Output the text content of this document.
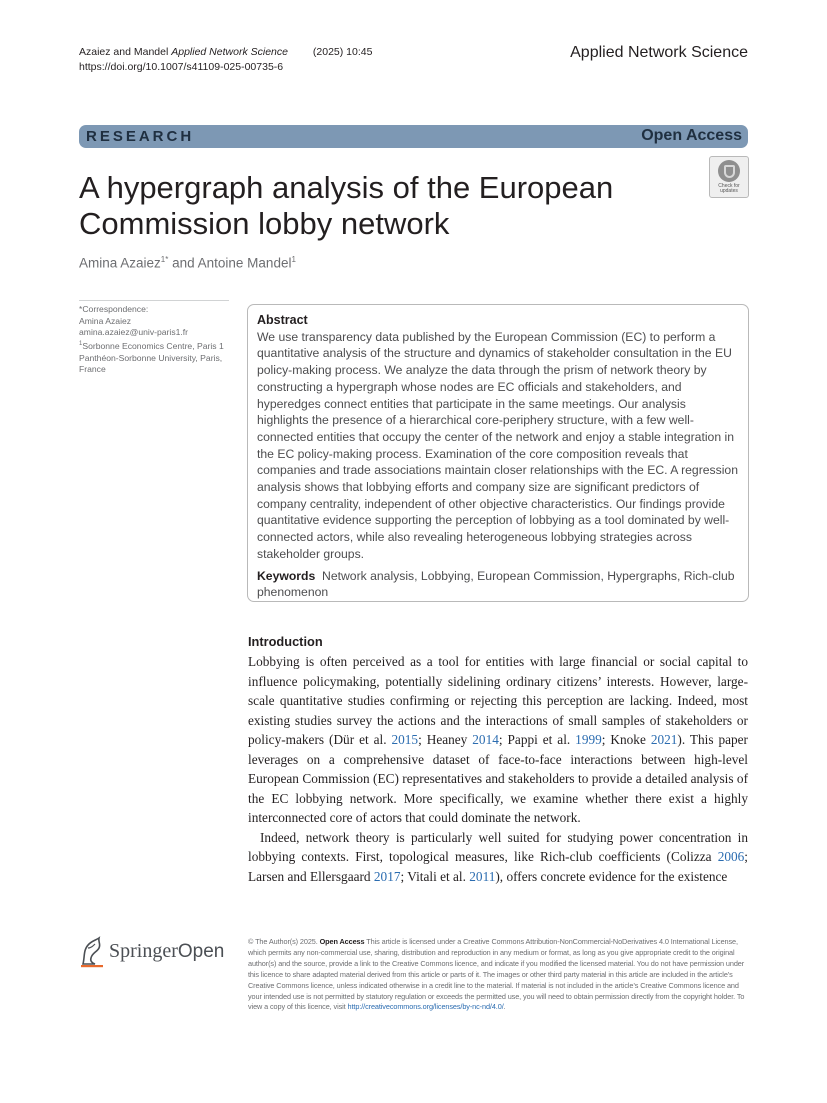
Azaiez and Mandel Applied Network Science (2025) 10:45
https://doi.org/10.1007/s41109-025-00735-6
Applied Network Science
RESEARCH	Open Access
Check for
updates
A hypergraph analysis of the European
Commission lobby network
Amina Azaiez$^{1*}$ and Antoine Mandel$^1$
*Correspondence:
Amina Azaiez
amina.azaiez@univ-paris1.fr
$^1$Sorbonne Economics Centre, Paris 1 Panthéon-Sorbonne University, Paris, France
Abstract
We use transparency data published by the European Commission (EC) to perform a quantitative analysis of the structure and dynamics of stakeholder consultation in the EU policy-making process. We analyze the data through the prism of network theory by constructing a hypergraph whose nodes are EC officials and stakeholders, and hyperedges connect entities that participate in the same meetings. Our analysis highlights the presence of a hierarchical core-periphery structure, with a few well-connected entities that occupy the center of the network and enjoy a stable integration in the EC policy-making process. Examination of the core composition reveals that companies and trade associations maintain closer relationships with the EC. A regression analysis shows that lobbying efforts and company size are significant predictors of company centrality, independent of other objective characteristics. Our findings provide quantitative evidence supporting the perception of lobbying as a tool dominated by well-connected actors, while also revealing heterogeneous lobbying strategies across stakeholder groups.
Keywords Network analysis, Lobbying, European Commission, Hypergraphs, Rich-club phenomenon
Introduction

Lobbying is often perceived as a tool for entities with large financial or social capital to influence policymaking, potentially sidelining ordinary citizens’ interests. However, large-scale quantitative studies confirming or rejecting this perception are lacking. Indeed, most existing studies survey the actions and the interactions of small samples of stakeholders or policy-makers (Dür et al. 2015; Heaney 2014; Pappi et al. 1999; Knoke 2021). This paper leverages on a comprehensive dataset of face-to-face interactions between high-level European Commission (EC) representatives and stakeholders to provide a detailed analysis of the EC lobbying network. More specifically, we examine whether there exist a highly interconnected core of actors that could dominate the network.

Indeed, network theory is particularly well suited for studying power concentration in lobbying contexts. First, topological measures, like Rich-club coefficients (Colizza 2006; Larsen and Ellersgaard 2017; Vitali et al. 2011), offers concrete evidence for the existence

SpringerOpen	© The Author(s) 2025. Open Access This article is licensed under a Creative Commons Attribution-NonCommercial-NoDerivatives 4.0 International License, which permits any non-commercial use, sharing, distribution and reproduction in any medium or format, as long as you give appropriate credit to the original author(s) and the source, provide a link to the Creative Commons licence, and indicate if you modified the licensed material. You do not have permission under this licence to share adapted material derived from this article or parts of it. The images or other third party material in this article are included in the article’s Creative Commons licence, unless indicated otherwise in a credit line to the material. If material is not included in the article’s Creative Commons licence and your intended use is not permitted by statutory regulation or exceeds the permitted use, you will need to obtain permission directly from the copyright holder. To view a copy of this licence, visit http://creativecommons.org/licenses/by-nc-nd/4.0/.
